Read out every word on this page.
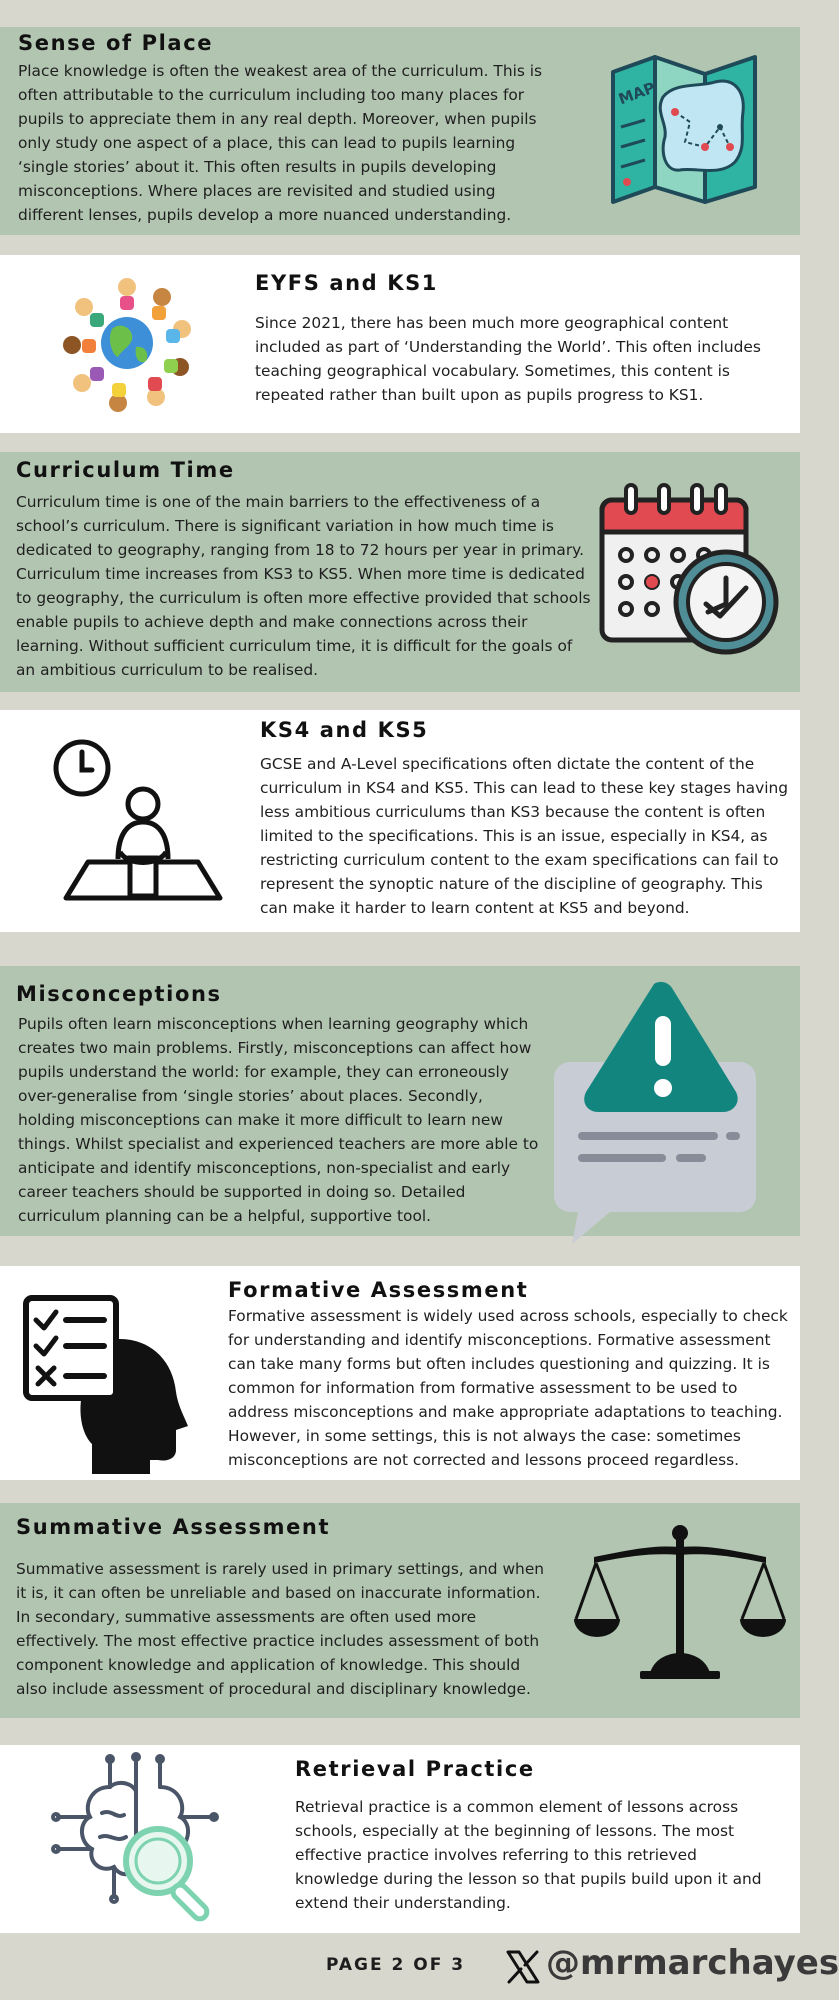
Sense of Place

Place knowledge is often the weakest area of the curriculum. This is often attributable to the curriculum including too many places for pupils to appreciate them in any real depth. Moreover, when pupils only study one aspect of a place, this can lead to pupils learning ‘single stories’ about it. This often results in pupils developing misconceptions. Where places are revisited and studied using different lenses, pupils develop a more nuanced understanding.

MAP
EYFS and KS1

Since 2021, there has been much more geographical content included as part of ‘Understanding the World’. This often includes teaching geographical vocabulary. Sometimes, this content is repeated rather than built upon as pupils progress to KS1.

Curriculum Time

Curriculum time is one of the main barriers to the effectiveness of a school’s curriculum. There is significant variation in how much time is dedicated to geography, ranging from 18 to 72 hours per year in primary. Curriculum time increases from KS3 to KS5. When more time is dedicated to geography, the curriculum is often more effective provided that schools enable pupils to achieve depth and make connections across their learning. Without sufficient curriculum time, it is difficult for the goals of an ambitious curriculum to be realised.

KS4 and KS5

GCSE and A-Level specifications often dictate the content of the curriculum in KS4 and KS5. This can lead to these key stages having less ambitious curriculums than KS3 because the content is often limited to the specifications. This is an issue, especially in KS4, as restricting curriculum content to the exam specifications can fail to represent the synoptic nature of the discipline of geography. This can make it harder to learn content at KS5 and beyond.

Misconceptions

Pupils often learn misconceptions when learning geography which creates two main problems. Firstly, misconceptions can affect how pupils understand the world: for example, they can erroneously over-generalise from ‘single stories’ about places. Secondly, holding misconceptions can make it more difficult to learn new things. Whilst specialist and experienced teachers are more able to anticipate and identify misconceptions, non-specialist and early career teachers should be supported in doing so. Detailed curriculum planning can be a helpful, supportive tool.

Formative Assessment

Formative assessment is widely used across schools, especially to check for understanding and identify misconceptions. Formative assessment can take many forms but often includes questioning and quizzing. It is common for information from formative assessment to be used to address misconceptions and make appropriate adaptations to teaching. However, in some settings, this is not always the case: sometimes misconceptions are not corrected and lessons proceed regardless.

Summative Assessment

Summative assessment is rarely used in primary settings, and when it is, it can often be unreliable and based on inaccurate information. In secondary, summative assessments are often used more effectively. The most effective practice includes assessment of both component knowledge and application of knowledge. This should also include assessment of procedural and disciplinary knowledge.

Retrieval Practice

Retrieval practice is a common element of lessons across schools, especially at the beginning of lessons. The most effective practice involves referring to this retrieved knowledge during the lesson so that pupils build upon it and extend their understanding.

PAGE 2 OF 3 @mrmarchayes
